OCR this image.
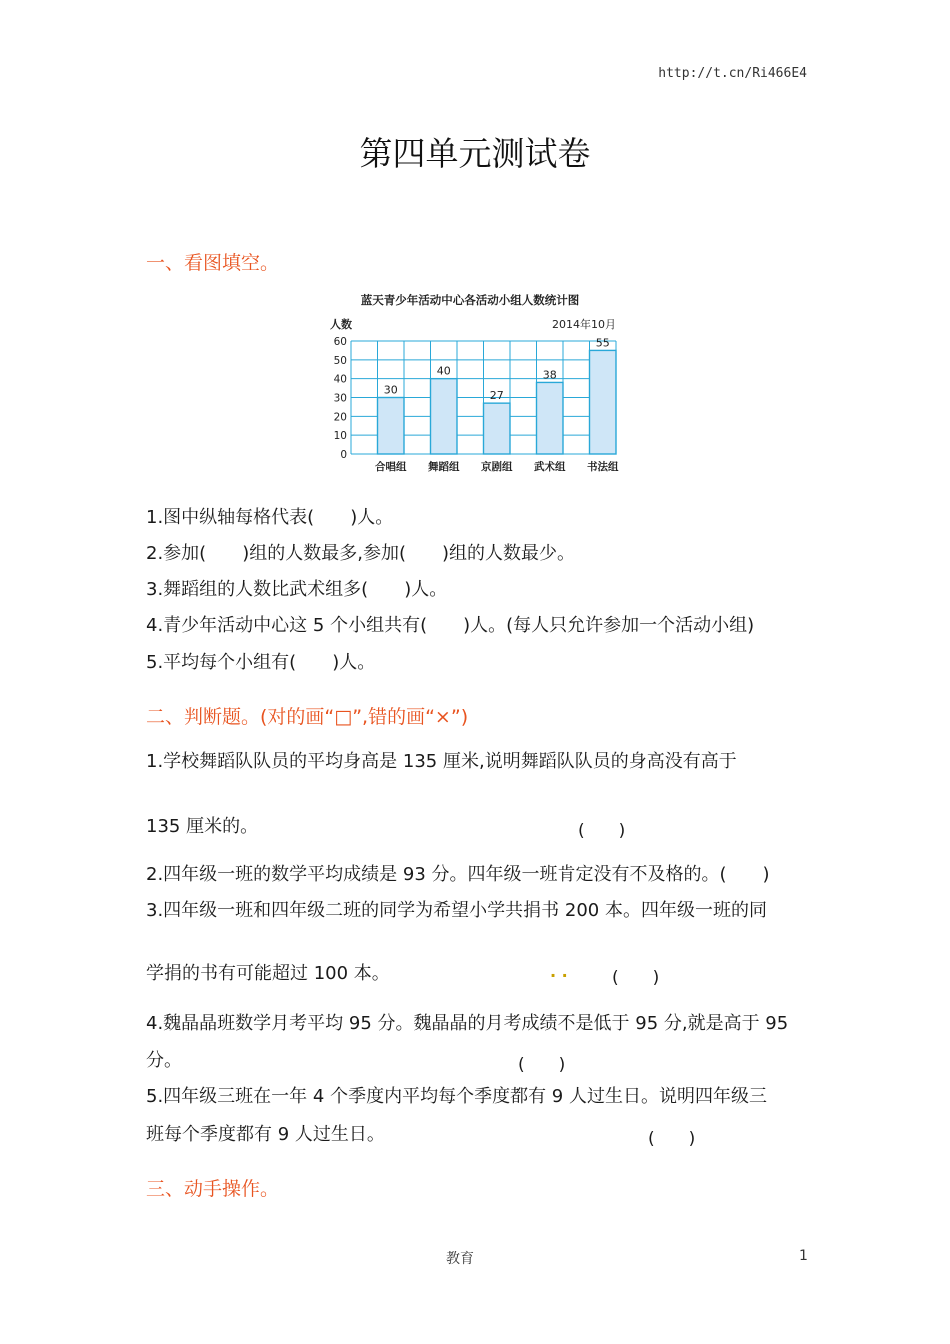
http://t.cn/Ri466E4
第四单元测试卷
一、看图填空。
蓝天青少年活动中心各活动小组人数统计图
人数	2014年10月
0
10
20
30
40
50
60
30
合唱组
40
舞蹈组
27
京剧组
38
武术组
55
书法组
1.图中纵轴每格代表(　　)人。
2.参加(　　)组的人数最多,参加(　　)组的人数最少。
3.舞蹈组的人数比武术组多(　　)人。
4.青少年活动中心这 5 个小组共有(　　)人。(每人只允许参加一个活动小组)
5.平均每个小组有(　　)人。
二、判断题。(对的画“□”,错的画“×”)
1.学校舞蹈队队员的平均身高是 135 厘米,说明舞蹈队队员的身高没有高于
135 厘米的。	(　　)
2.四年级一班的数学平均成绩是 93 分。四年级一班肯定没有不及格的。(　　)
3.四年级一班和四年级二班的同学为希望小学共捐书 200 本。四年级一班的同
学捐的书有可能超过 100 本。	. .	(　　)
4.魏晶晶班数学月考平均 95 分。魏晶晶的月考成绩不是低于 95 分,就是高于 95
分。	(　　)
5.四年级三班在一年 4 个季度内平均每个季度都有 9 人过生日。说明四年级三
班每个季度都有 9 人过生日。	(　　)
三、动手操作。
教育	1
